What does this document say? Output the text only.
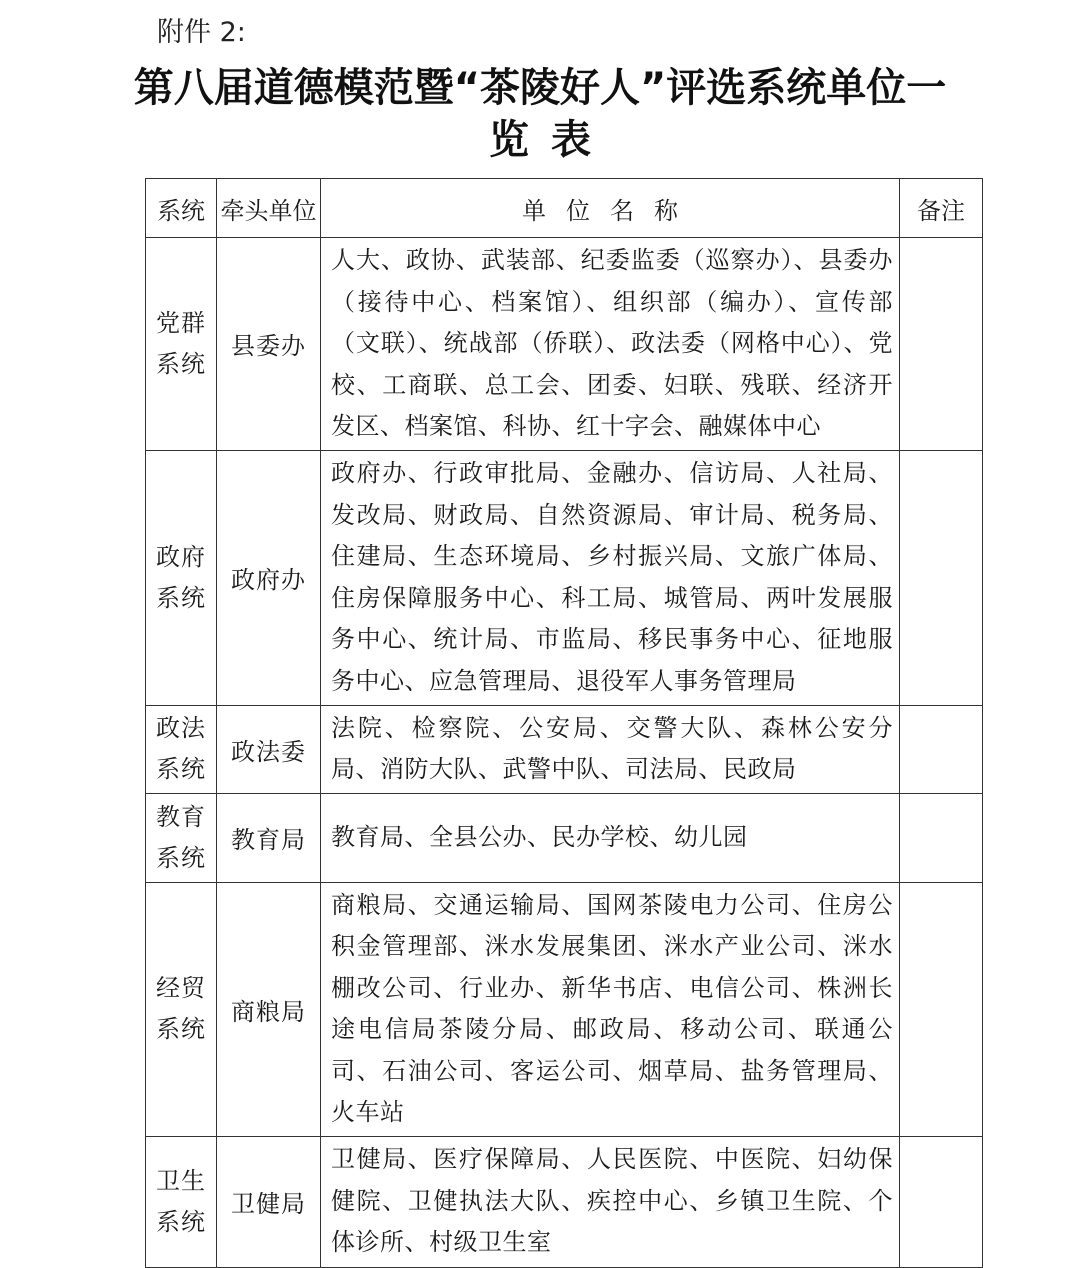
附件 2:
第八届道德模范暨“茶陵好人”评选系统单位一
览表
系统	牵头单位	单位名称	备注

党群
系统	县委办	人大、政协、武装部、纪委监委（巡察办）、县委办（接待中心、档案馆）、组织部（编办）、宣传部（文联）、统战部（侨联）、政法委（网格中心）、党校、工商联、总工会、团委、妇联、残联、经济开发区、档案馆、科协、红十字会、融媒体中心	

政府
系统	政府办	政府办、行政审批局、金融办、信访局、人社局、发改局、财政局、自然资源局、审计局、税务局、住建局、生态环境局、乡村振兴局、文旅广体局、住房保障服务中心、科工局、城管局、两叶发展服务中心、统计局、市监局、移民事务中心、征地服务中心、应急管理局、退役军人事务管理局	

政法
系统	政法委	法院、检察院、公安局、交警大队、森林公安分局、消防大队、武警中队、司法局、民政局	

教育
系统	教育局	教育局、全县公办、民办学校、幼儿园	

经贸
系统	商粮局	商粮局、交通运输局、国网茶陵电力公司、住房公积金管理部、洣水发展集团、洣水产业公司、洣水棚改公司、行业办、新华书店、电信公司、株洲长途电信局茶陵分局、邮政局、移动公司、联通公司、石油公司、客运公司、烟草局、盐务管理局、火车站	

卫生
系统	卫健局	卫健局、医疗保障局、人民医院、中医院、妇幼保健院、卫健执法大队、疾控中心、乡镇卫生院、个体诊所、村级卫生室	
